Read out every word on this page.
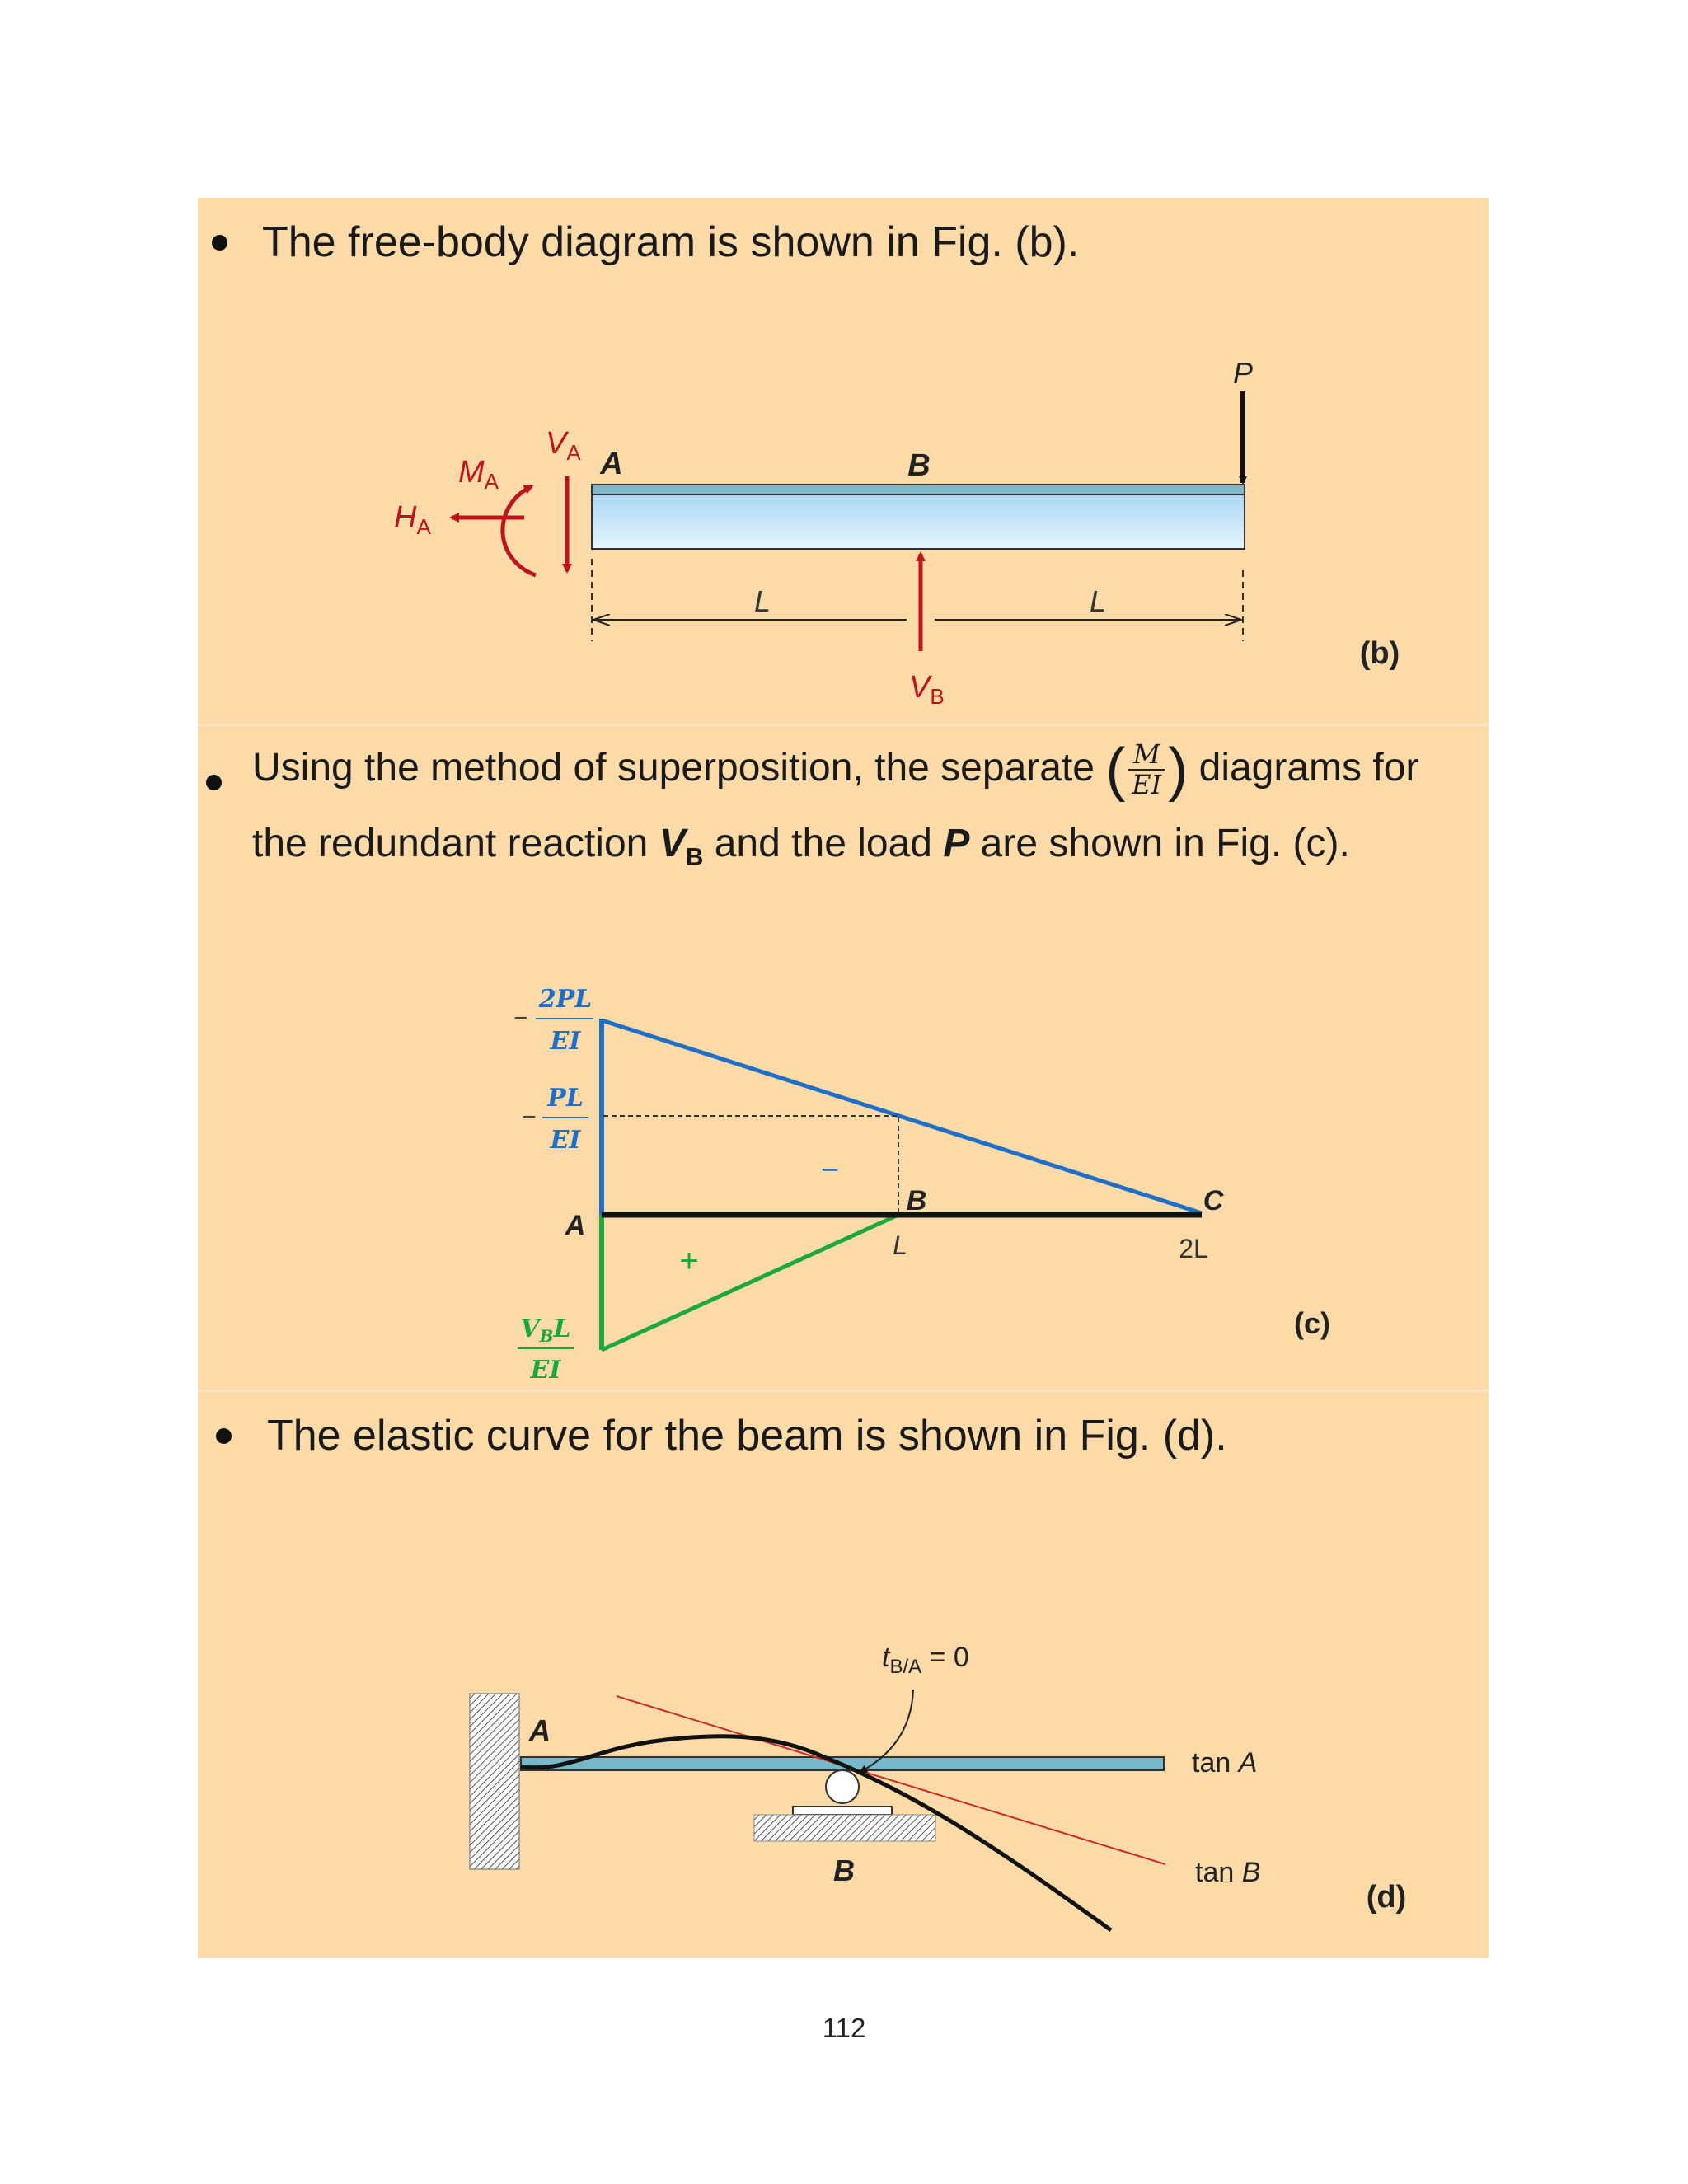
The free-body diagram is shown in Fig. (b).
Using the method of superposition, the separate ( $\frac{M}{EI}$ ) diagrams for
the redundant reaction $V_B$ and the load P are shown in Fig. (c).
The elastic curve for the beam is shown in Fig. (d).
P
A	B
$V_A$
$M_A$
$H_A$
$V_B$
L	L
(b)
2PL
EI
−
PL
EI
−
A
$V_BL$
EI
−
+
B	C
L	2L
(c)
A
B
$t_{B/A} = 0$
tan A
tan B
(d)
112
